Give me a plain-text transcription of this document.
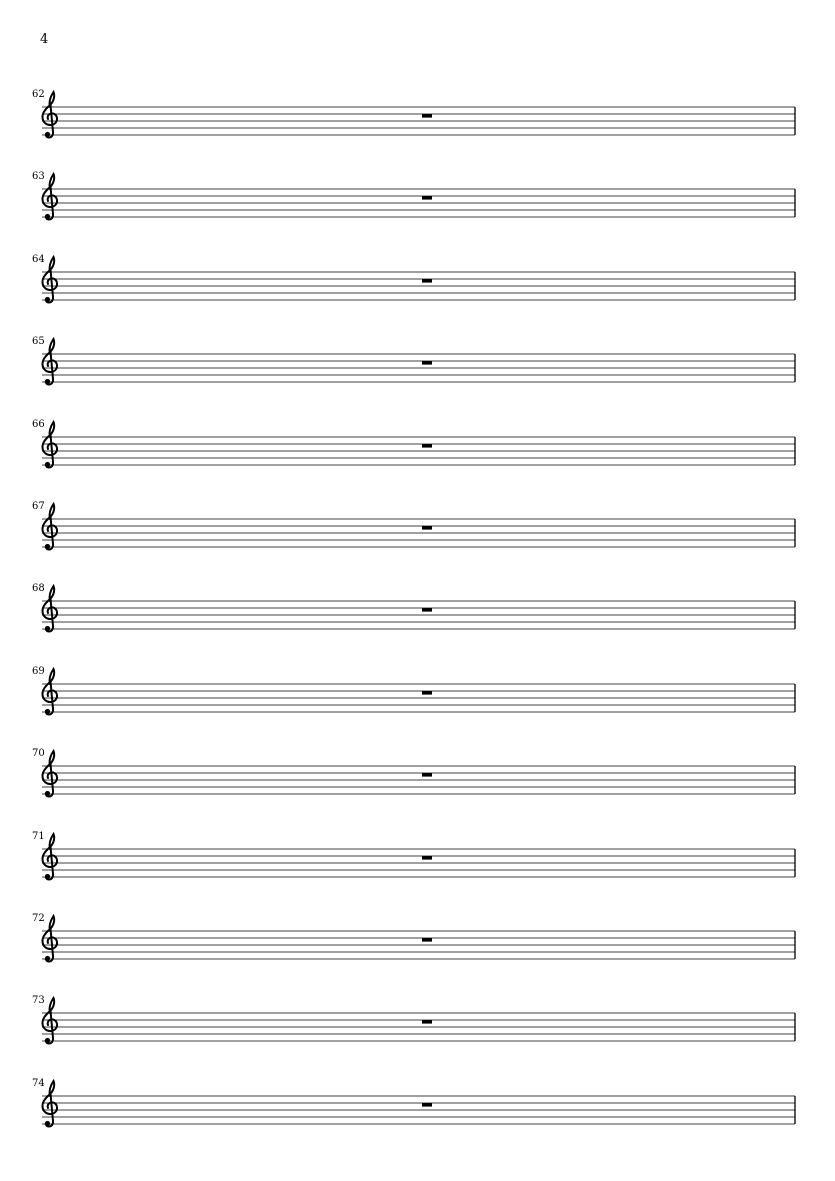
4
62
63
64
65
66
67
68
69
70
71
72
73
74
